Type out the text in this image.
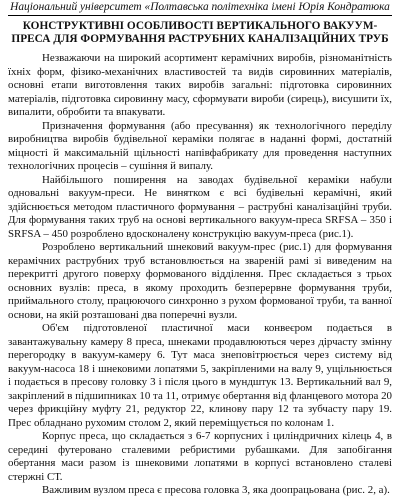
Національний університет «Полтавська політехніка імені Юрія Кондратюка
КОНСТРУКТИВНІ ОСОБЛИВОСТІ ВЕРТИКАЛЬНОГО ВАКУУМ-ПРЕСА ДЛЯ ФОРМУВАННЯ РАСТРУБНИХ КАНАЛІЗАЦІЙНИХ ТРУБ

Незважаючи на широкий асортимент керамічних виробів, різноманітність їхніх форм, фізико-механічних властивостей та видів сировинних матеріалів, основні етапи виготовлення таких виробів загальні: підготовка сировинних матеріалів, підготовка сировинну масу, сформувати вироби (сирець), висушити їх, випалити, обробити та впакувати.

Призначення формування (або пресування) як технологічного переділу виробництва виробів будівельної кераміки полягає в наданні формі, достатній міцності й максимальній щільності напівфабрикату для проведення наступних технологічних процесів – сушіння й випалу.

Найбільшого поширення на заводах будівельної кераміки набули одновальні вакуум-преси. Не винятком є всі будівельні керамічні, який здійснюється методом пластичного формування – раструбні каналізаційні труби. Для формування таких труб на основі вертикального вакуум-преса SRFSA – 350 і SRFSA – 450 розроблено вдосконалену конструкцію вакуум-преса (рис.1).

Розроблено вертикальний шнековий вакуум-прес (рис.1) для формування керамічних раструбних труб встановлюється на звареній рамі зі виведеним на перекритті другого поверху формованого відділення. Прес складається з трьох основних вузлів: преса, в якому проходить безперервне формування труби, приймального столу, працюючого синхронно з рухом формованої труби, та ванної основи, на якій розташовані два поперечні вузли.

Об'єм підготовленої пластичної маси конвеєром подається в завантажувальну камеру 8 преса, шнеками продавлюються через дірчасту змінну перегородку в вакуум-камеру 6. Тут маса знеповітрюється через систему від вакуум-насоса 18 і шнековими лопатями 5, закріпленими на валу 9, ущільнюється і подається в пресову головку 3 і після цього в мундштук 13. Вертикальний вал 9, закріплений в підшипниках 10 та 11, отримує обертання від фланцевого мотора 20 через фрикційну муфту 21, редуктор 22, клинову пару 12 та зубчасту пару 19. Прес обладнано рухомим столом 2, який переміщується по колонам 1.

Корпус преса, що складається з 6-7 корпусних і циліндричних кілець 4, в середині футеровано сталевими ребристими рубашками. Для запобігання обертання маси разом із шнековими лопатями в корпусі встановлено сталеві стержні СТ.

Важливим вузлом преса є пресова головка 3, яка доопрацьована (рис. 2, а).
